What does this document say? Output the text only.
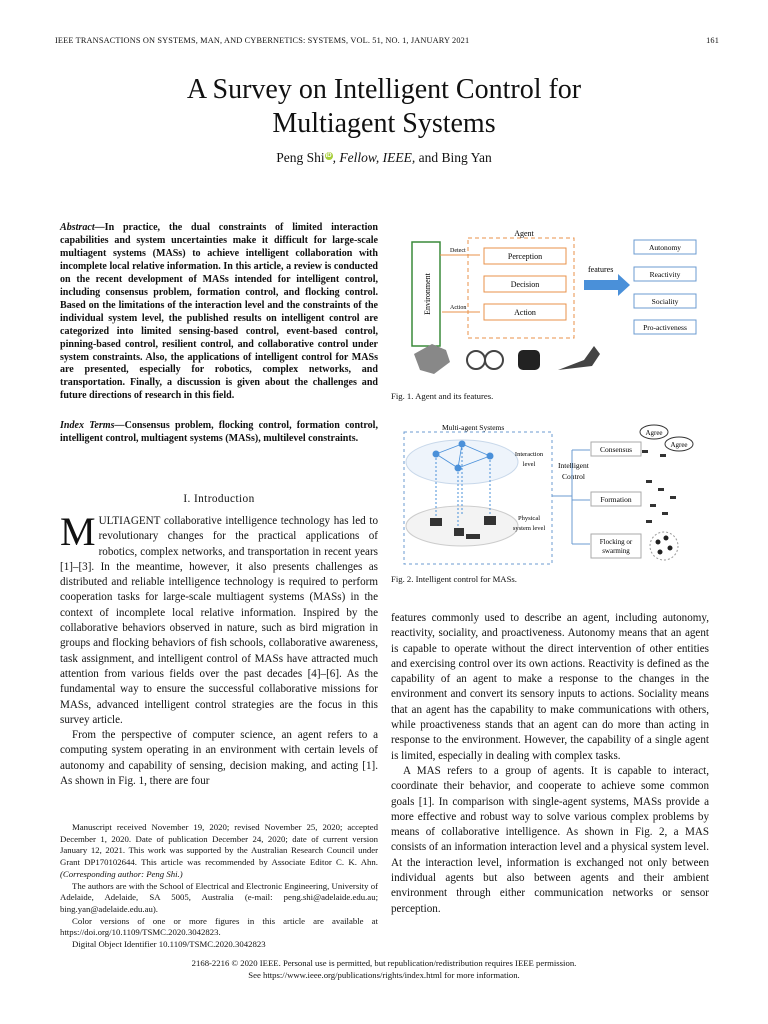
IEEE TRANSACTIONS ON SYSTEMS, MAN, AND CYBERNETICS: SYSTEMS, VOL. 51, NO. 1, JANUARY 2021	161
A Survey on Intelligent Control for
Multiagent Systems
Peng ShiiD, Fellow, IEEE, and Bing Yan
Abstract—In practice, the dual constraints of limited interaction capabilities and system uncertainties make it difficult for large-scale multiagent systems (MASs) to achieve intelligent collaboration with incomplete local relative information. In this article, a review is conducted on the recent development of MASs intended for intelligent control, including consensus problem, formation control, and flocking control. Based on the limitations of the interaction level and the constraints of the individual system level, the published results on intelligent control are categorized into limited sensing-based control, event-based control, pinning-based control, resilient control, and collaborative control under system constraints. Also, the applications of intelligent control for MASs are presented, especially for robotics, complex networks, and transportation. Finally, a discussion is given about the challenges and future directions of research in this field.
Index Terms—Consensus problem, flocking control, formation control, intelligent control, multiagent systems (MASs), multilevel constraints.
I. Introduction

MULTIAGENT collaborative intelligence technology has led to revolutionary changes for the practical applications of robotics, complex networks, and transportation in recent years [1]–[3]. In the meantime, however, it also presents challenges as distributed and reliable intelligence technology is required to perform cooperation tasks for large-scale multiagent systems (MASs) in the context of incomplete local relative information. Inspired by the collaborative behaviors observed in nature, such as bird migration in groups and flocking behaviors of fish schools, collaborative awareness, task assignment, and intelligent control of MASs have attracted much attention from various fields over the past decades [4]–[6]. As the fundamental way to ensure the successful collaborative missions for MASs, advanced intelligent control strategies are the focus in this survey article.

From the perspective of computer science, an agent refers to a computing system operating in an environment with certain levels of autonomy and capability of sensing, decision making, and acting [1]. As shown in Fig. 1, there are four

Manuscript received November 19, 2020; revised November 25, 2020; accepted December 1, 2020. Date of publication December 24, 2020; date of current version January 12, 2021. This work was supported by the Australian Research Council under Grant DP170102644. This article was recommended by Associate Editor C. K. Ahn. (Corresponding author: Peng Shi.)
The authors are with the School of Electrical and Electronic Engineering, University of Adelaide, Adelaide, SA 5005, Australia (e-mail: peng.shi@adelaide.edu.au; bing.yan@adelaide.edu.au).
Color versions of one or more figures in this article are available at https://doi.org/10.1109/TSMC.2020.3042823.
Digital Object Identifier 10.1109/TSMC.2020.3042823
Environment
Agent
Detect
Action
Perception
Decision
Action
features
Autonomy
Reactivity
Sociality
Pro-activeness
Fig. 1. Agent and its features.
Multi-agent Systems
Interaction
level
Physical
system level
Intelligent
Control
Consensus
Agree
Agree
Formation
Flocking or
swarming
Fig. 2. Intelligent control for MASs.

features commonly used to describe an agent, including autonomy, reactivity, sociality, and proactiveness. Autonomy means that an agent is capable to operate without the direct intervention of other entities and exercising control over its own actions. Reactivity is defined as the capability of an agent to make a response to the changes in the environment and convert its sensory inputs to actions. Sociality means that an agent has the capability to make communications with others, while proactiveness stands that an agent can do more than acting in response to the environment. However, the capability of a single agent is limited, especially in dealing with complex tasks.

A MAS refers to a group of agents. It is capable to interact, coordinate their behavior, and cooperate to achieve some common goals [1]. In comparison with single-agent systems, MASs provide a more effective and robust way to solve various complex problems by means of collaborative intelligence. As shown in Fig. 2, a MAS consists of an information interaction level and a physical system level. At the interaction level, information is exchanged not only between individual agents but also between agents and their ambient environment through either communication networks or sensor perception.

2168-2216 © 2020 IEEE. Personal use is permitted, but republication/redistribution requires IEEE permission.
See https://www.ieee.org/publications/rights/index.html for more information.
